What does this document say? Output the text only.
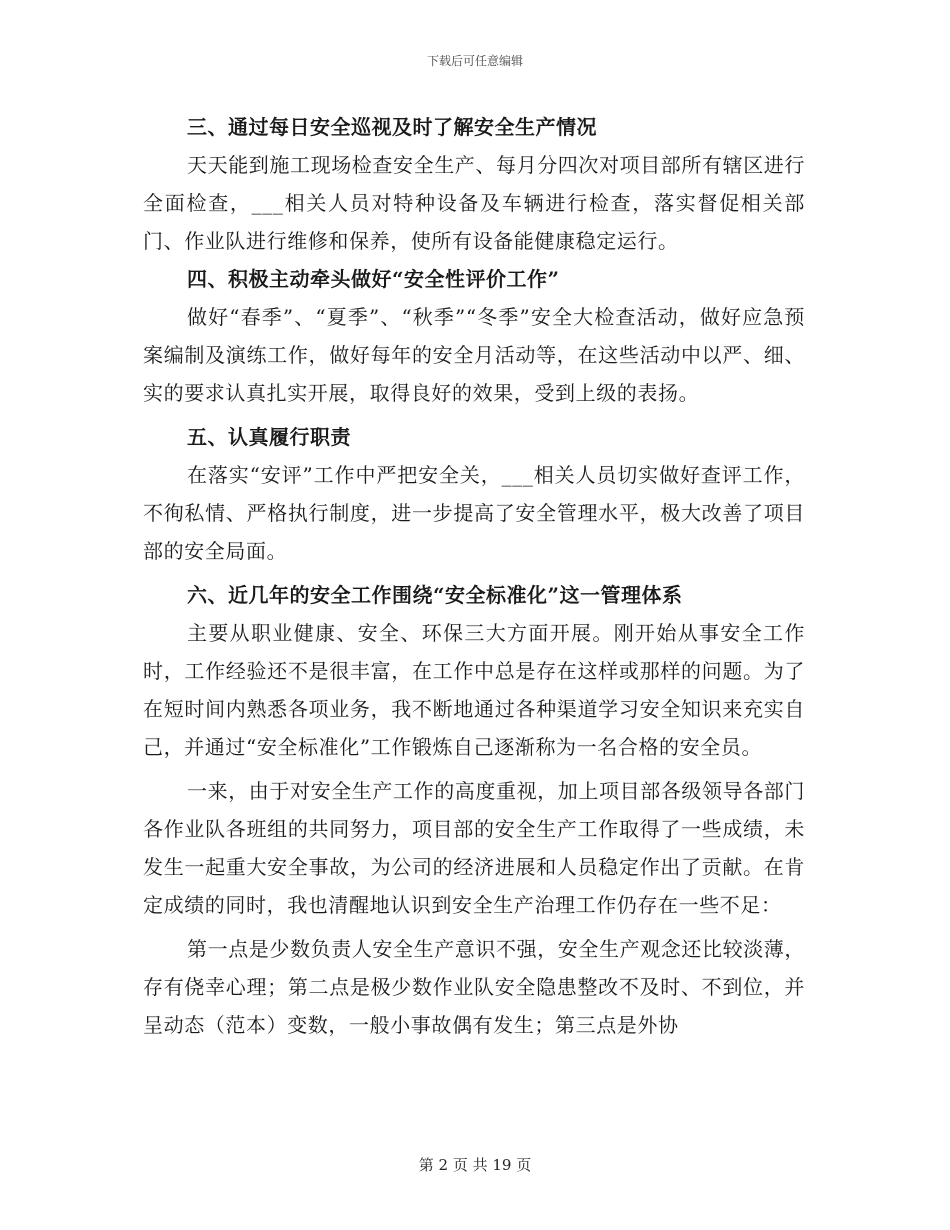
下载后可任意编辑

三、通过每日安全巡视及时了解安全生产情况

天天能到施工现场检查安全生产、每月分四次对项目部所有辖区进行全面检查，___相关人员对特种设备及车辆进行检查，落实督促相关部门、作业队进行维修和保养，使所有设备能健康稳定运行。

四、积极主动牵头做好“安全性评价工作”

做好“春季”、“夏季”、“秋季”“冬季”安全大检查活动，做好应急预案编制及演练工作，做好每年的安全月活动等，在这些活动中以严、细、实的要求认真扎实开展，取得良好的效果，受到上级的表扬。

五、认真履行职责

在落实“安评”工作中严把安全关，___相关人员切实做好查评工作，不徇私情、严格执行制度，进一步提高了安全管理水平，极大改善了项目部的安全局面。

六、近几年的安全工作围绕“安全标准化”这一管理体系

主要从职业健康、安全、环保三大方面开展。刚开始从事安全工作时，工作经验还不是很丰富，在工作中总是存在这样或那样的问题。为了在短时间内熟悉各项业务，我不断地通过各种渠道学习安全知识来充实自己，并通过“安全标准化”工作锻炼自己逐渐称为一名合格的安全员。

一来，由于对安全生产工作的高度重视，加上项目部各级领导各部门各作业队各班组的共同努力，项目部的安全生产工作取得了一些成绩，未发生一起重大安全事故，为公司的经济进展和人员稳定作出了贡献。在肯定成绩的同时，我也清醒地认识到安全生产治理工作仍存在一些不足：

第一点是少数负责人安全生产意识不强，安全生产观念还比较淡薄，存有侥幸心理；第二点是极少数作业队安全隐患整改不及时、不到位，并呈动态（范本）变数，一般小事故偶有发生；第三点是外协

第 2 页 共 19 页
